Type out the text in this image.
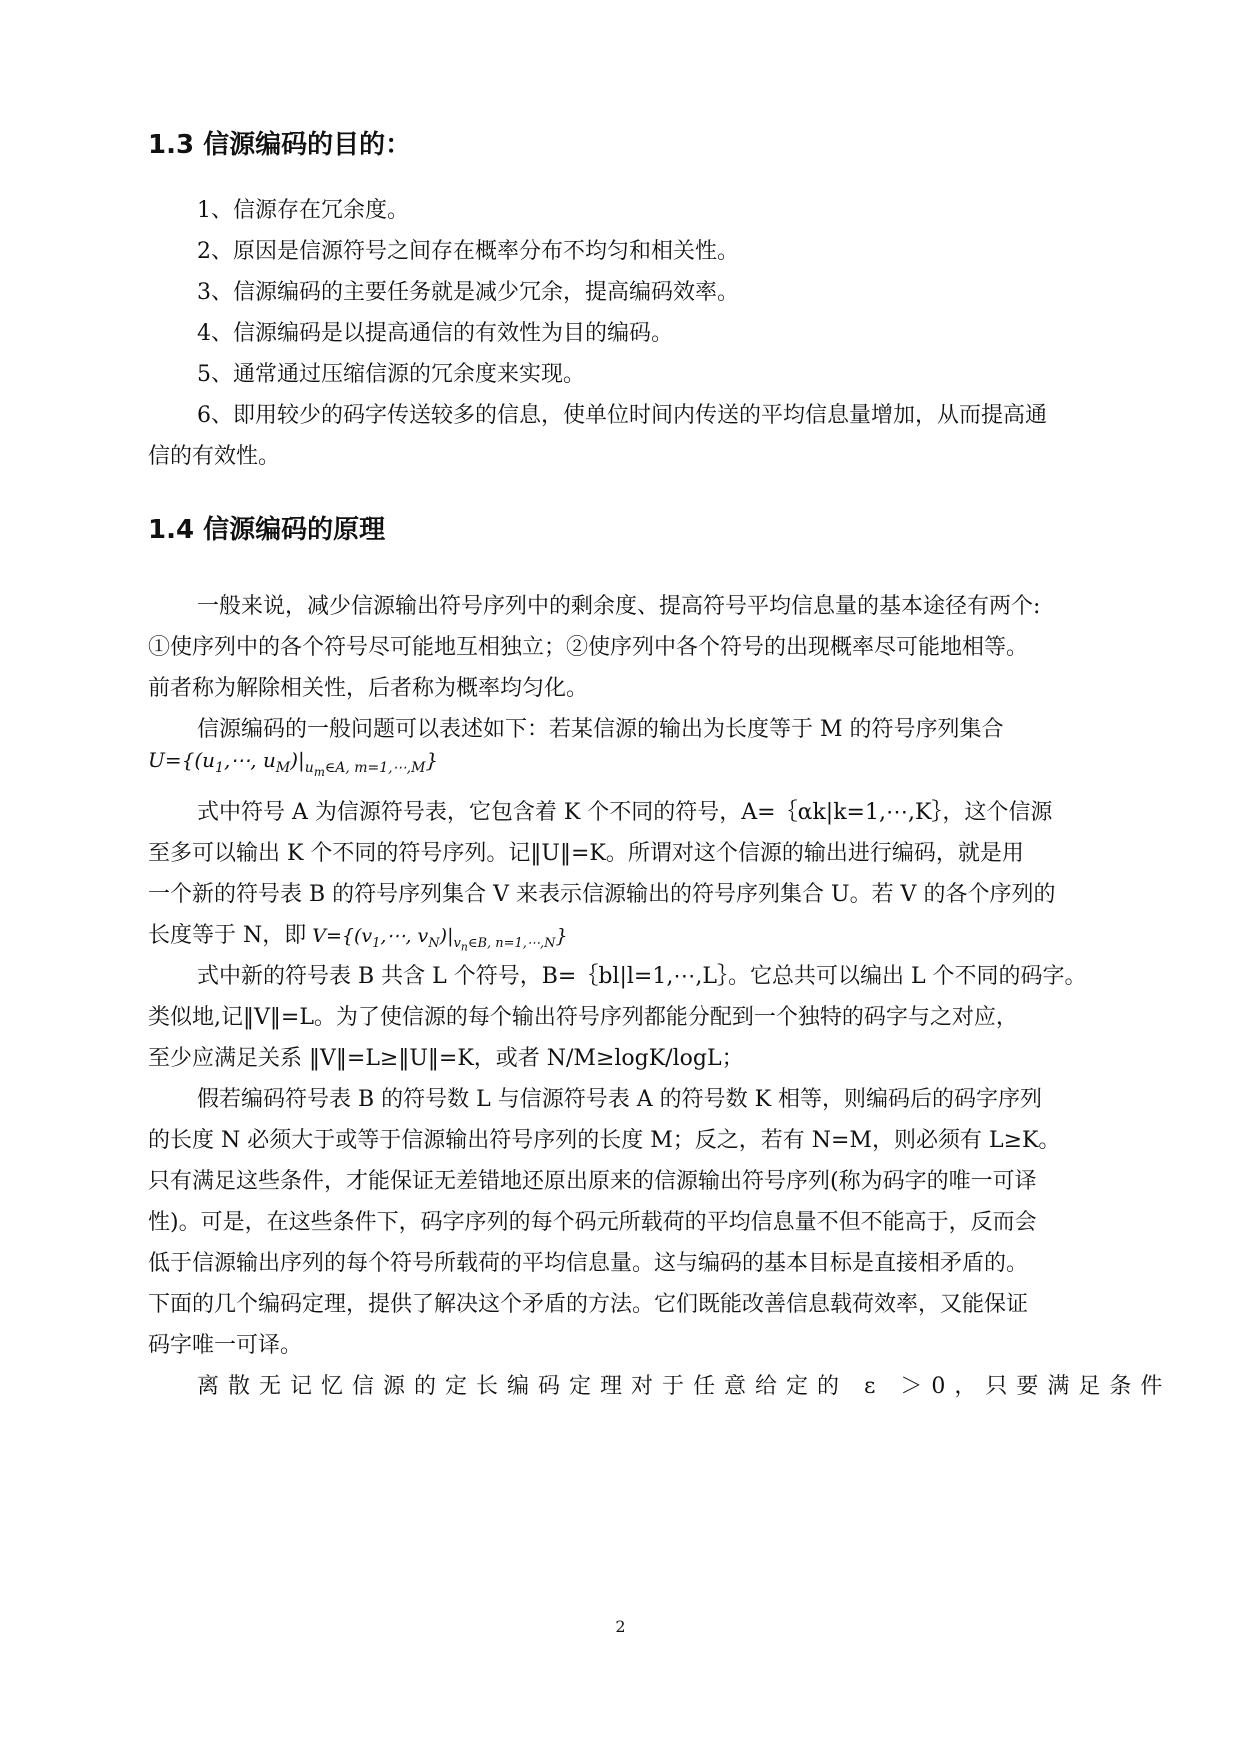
1.3 信源编码的目的：
1、信源存在冗余度。
2、原因是信源符号之间存在概率分布不均匀和相关性。
3、信源编码的主要任务就是减少冗余，提高编码效率。
4、信源编码是以提高通信的有效性为目的编码。
5、通常通过压缩信源的冗余度来实现。
6、即用较少的码字传送较多的信息，使单位时间内传送的平均信息量增加，从而提高通
信的有效性。
1.4 信源编码的原理
一般来说，减少信源输出符号序列中的剩余度、提高符号平均信息量的基本途径有两个:
①使序列中的各个符号尽可能地互相独立；②使序列中各个符号的出现概率尽可能地相等。
前者称为解除相关性，后者称为概率均匀化。
信源编码的一般问题可以表述如下：若某信源的输出为长度等于 M 的符号序列集合
$U=\{(u_1,\cdots$, $u_M)|_{u_m\in A, m=1,\cdots,M}$}
式中符号 A 为信源符号表，它包含着 K 个不同的符号，A=｛αk|k=1,⋯,K｝，这个信源
至多可以输出 K 个不同的符号序列。记‖U‖=K。所谓对这个信源的输出进行编码，就是用
一个新的符号表 B 的符号序列集合 V 来表示信源输出的符号序列集合 U。若 V 的各个序列的
长度等于 N，即 $V=\{(v_1,\cdots$, $v_N)|_{v_n\in B, n=1,\cdots,N}$}
式中新的符号表 B 共含 L 个符号，B=｛bl|l=1,⋯,L｝。它总共可以编出 L 个不同的码字。
类似地,记‖V‖=L。为了使信源的每个输出符号序列都能分配到一个独特的码字与之对应，
至少应满足关系 ‖V‖=L≥‖U‖=K，或者 N/M≥logK/logL；
假若编码符号表 B 的符号数 L 与信源符号表 A 的符号数 K 相等，则编码后的码字序列
的长度 N 必须大于或等于信源输出符号序列的长度 M；反之，若有 N=M，则必须有 L≥K。
只有满足这些条件，才能保证无差错地还原出原来的信源输出符号序列(称为码字的唯一可译
性)。可是，在这些条件下，码字序列的每个码元所载荷的平均信息量不但不能高于，反而会
低于信源输出序列的每个符号所载荷的平均信息量。这与编码的基本目标是直接相矛盾的。
下面的几个编码定理，提供了解决这个矛盾的方法。它们既能改善信息载荷效率，又能保证
码字唯一可译。
离散无记忆信源的定长编码定理对于任意给定的 ε ＞0，只要满足条件
2
